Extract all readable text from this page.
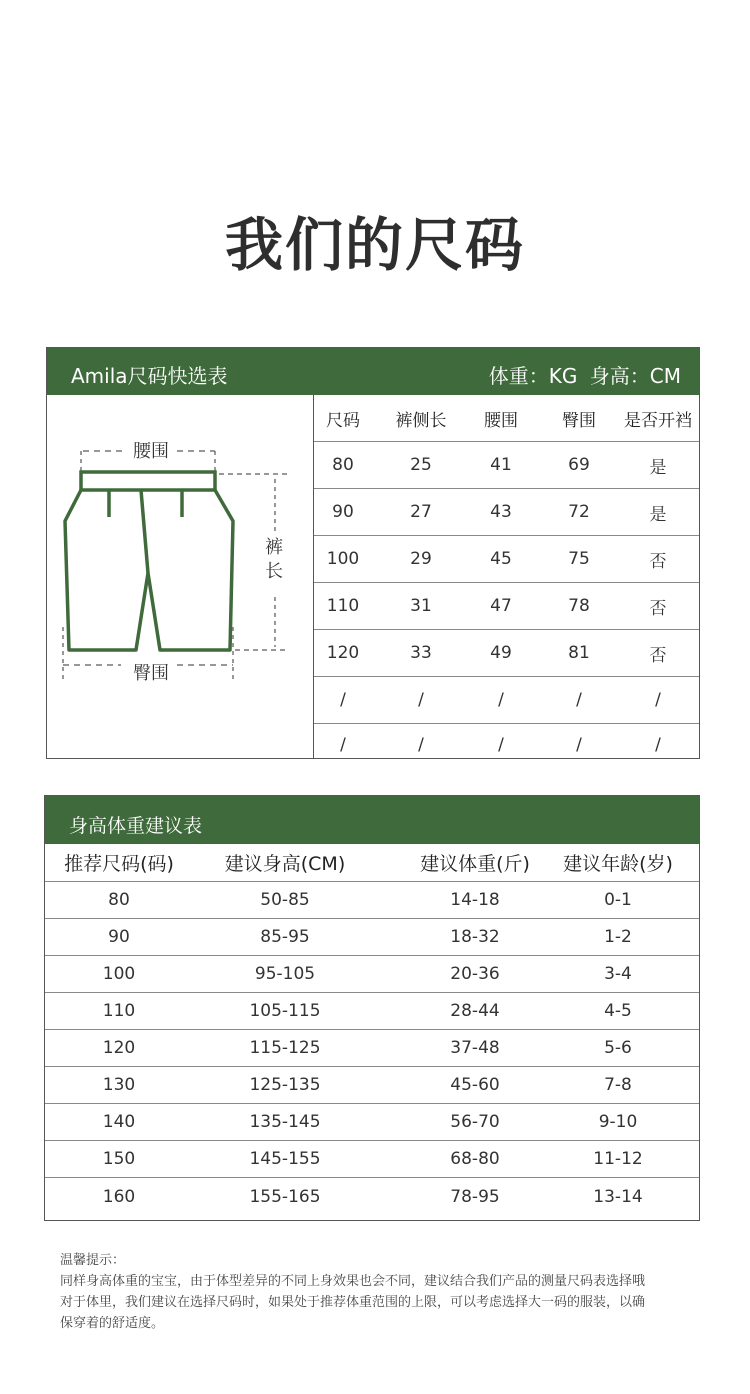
我们的尺码
Amila尺码快选表	体重：KG 身高：CM
腰围
裤
长
臀围
尺码	裤侧长	腰围	臀围	是否开裆
80	25	41	69	是
90	27	43	72	是
100	29	45	75	否
110	31	47	78	否
120	33	49	81	否
/	/	/	/	/
/	/	/	/	/
身高体重建议表
推荐尺码(码)	建议身高(CM)	建议体重(斤)	建议年龄(岁)
80	50-85	14-18	0-1
90	85-95	18-32	1-2
100	95-105	20-36	3-4
110	105-115	28-44	4-5
120	115-125	37-48	5-6
130	125-135	45-60	7-8
140	135-145	56-70	9-10
150	145-155	68-80	11-12
160	155-165	78-95	13-14

温馨提示：

同样身高体重的宝宝，由于体型差异的不同上身效果也会不同，建议结合我们产品的测量尺码表选择哦

对于体里，我们建议在选择尺码时，如果处于推荐体重范围的上限，可以考虑选择大一码的服装，以确

保穿着的舒适度。
